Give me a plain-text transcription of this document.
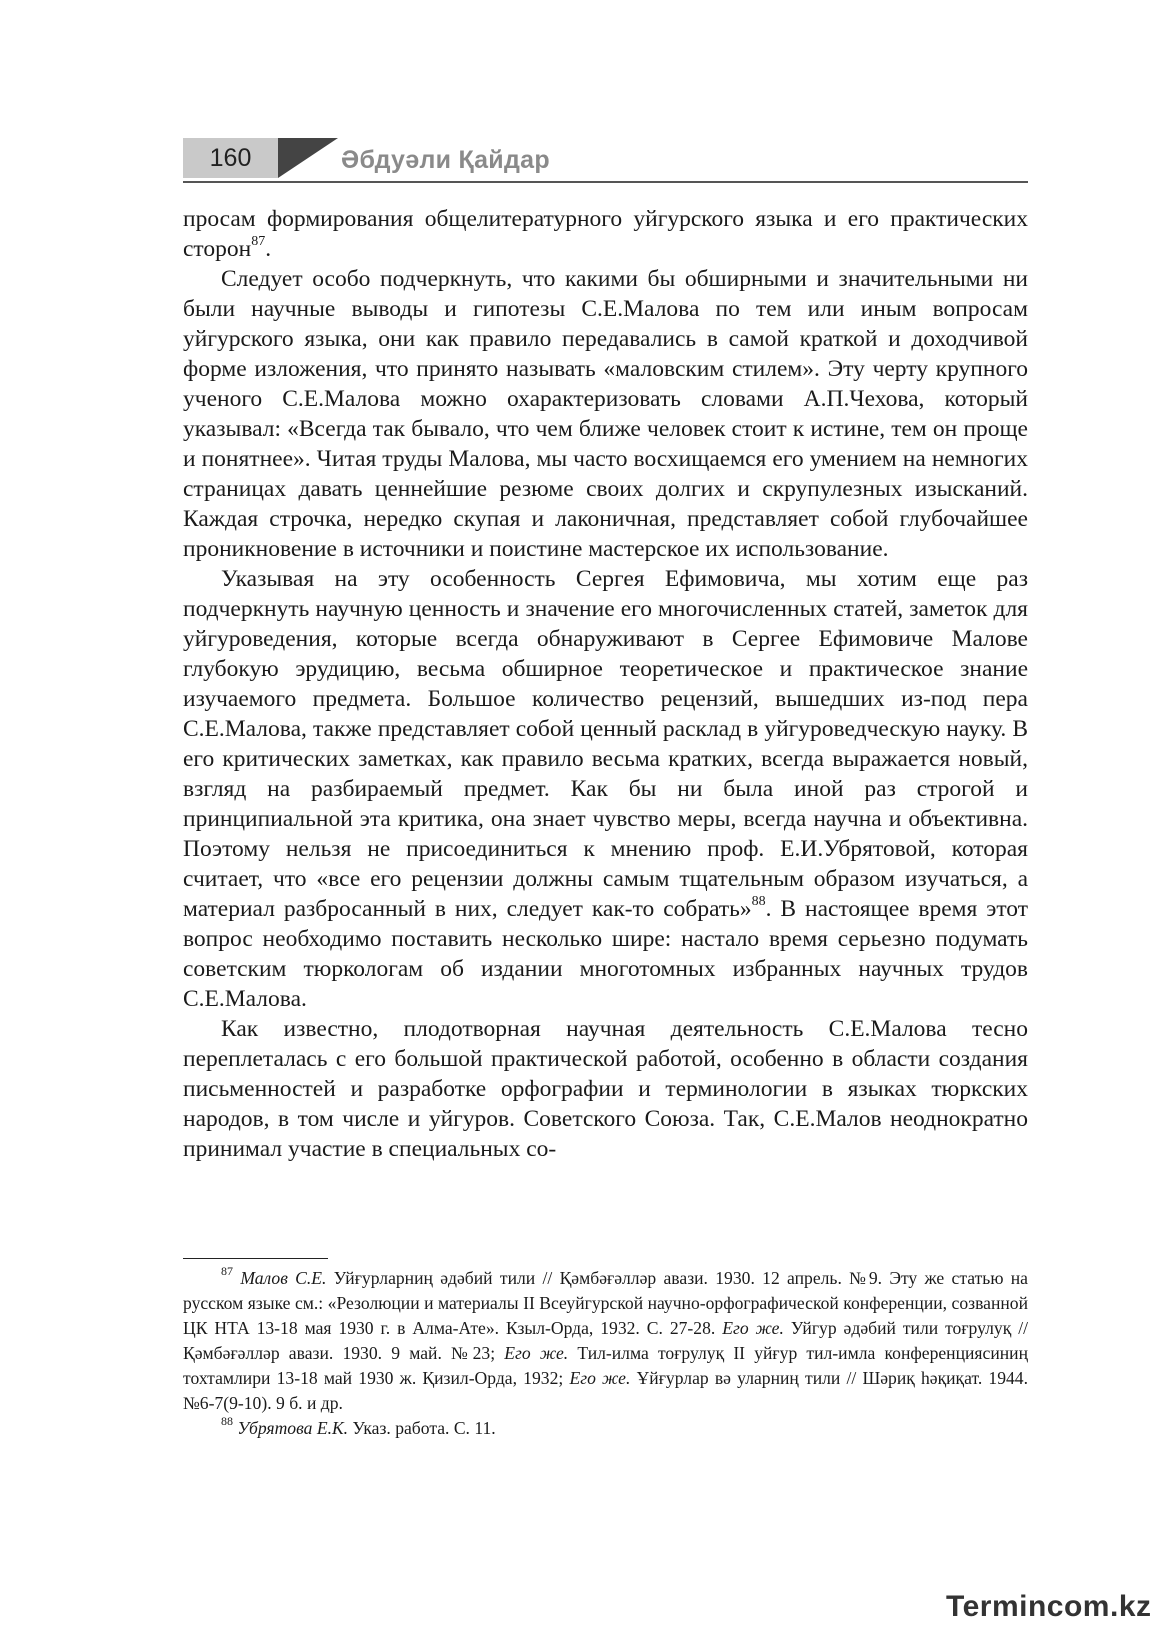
160	Әбдуәли Қайдар

просам формирования общелитературного уйгурского языка и его практических сторон$^{87}$.

Следует особо подчеркнуть, что какими бы обширными и значительными ни были научные выводы и гипотезы С.Е.Малова по тем или иным вопросам уйгурского языка, они как правило передавались в самой краткой и доходчивой форме изложения, что принято называть «маловским стилем». Эту черту крупного ученого С.Е.Малова можно охарактеризовать словами А.П.Чехова, который указывал: «Всегда так бывало, что чем ближе человек стоит к истине, тем он проще и понятнее». Читая труды Малова, мы часто восхищаемся его умением на немногих страницах давать ценнейшие резюме своих долгих и скрупулезных изысканий. Каждая строчка, нередко скупая и лаконичная, представляет собой глубочайшее проникновение в источники и поистине мастерское их использование.

Указывая на эту особенность Сергея Ефимовича, мы хотим еще раз подчеркнуть научную ценность и значение его многочисленных статей, заметок для уйгуроведения, которые всегда обнаруживают в Сергее Ефимовиче Малове глубокую эрудицию, весьма обширное теоретическое и практическое знание изучаемого предмета. Большое количество рецензий, вышедших из-под пера С.Е.Малова, также представляет собой ценный расклад в уйгуроведческую науку. В его критических заметках, как правило весьма кратких, всегда выражается новый, взгляд на разбираемый предмет. Как бы ни была иной раз строгой и принципиальной эта критика, она знает чувство меры, всегда научна и объективна. Поэтому нельзя не присоединиться к мнению проф. Е.И.Убрятовой, которая считает, что «все его рецензии должны самым тщательным образом изучаться, а материал разбросанный в них, следует как-то собрать»$^{88}$. В настоящее время этот вопрос необходимо поставить несколько шире: настало время серьезно подумать советским тюркологам об издании многотомных избранных научных трудов С.Е.Малова.

Как известно, плодотворная научная деятельность С.Е.Малова тесно переплеталась с его большой практической работой, особенно в области создания письменностей и разработке орфографии и терминологии в языках тюркских народов, в том числе и уйгуров. Советского Союза. Так, С.Е.Малов неоднократно принимал участие в специальных со-

$^{87}$ Малов С.Е. Уйғурларниң әдәбий тили // Қәмбәғәлләр авази. 1930. 12 апрель. №9. Эту же статью на русском языке см.: «Резолюции и материалы II Всеуйгурской научно-орфографической конференции, созванной ЦК НТА 13-18 мая 1930 г. в Алма-Ате». Кзыл-Орда, 1932. С. 27-28. Его же. Уйгур әдәбий тили тоғрулуқ // Қәмбәғәлләр авази. 1930. 9 май. №23; Его же. Тил-илма тоғрулуқ II уйғур тил-имла конференциясиниң тохтамлири 13-18 май 1930 ж. Қизил-Орда, 1932; Его же. Ұйғурлар вә уларниң тили // Шәриқ һәқиқат. 1944. №6-7(9-10). 9 б. и др.

$^{88}$ Убрятова Е.К. Указ. работа. С. 11.

Termincom.kz
